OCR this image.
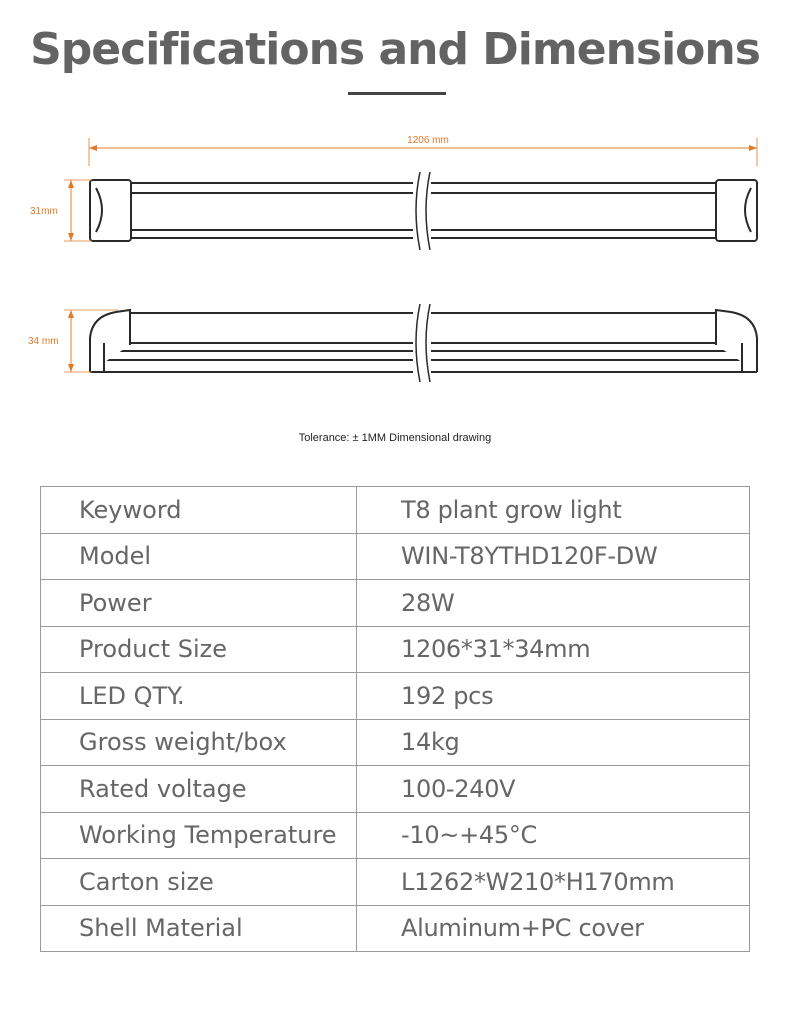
Specifications and Dimensions
1206 mm
31mm
34 mm
Tolerance: ± 1MM Dimensional drawing
Keyword	T8 plant grow light
Model	WIN-T8YTHD120F-DW
Power	28W
Product Size	1206*31*34mm
LED QTY.	192 pcs
Gross weight/box	14kg
Rated voltage	100-240V
Working Temperature	-10~+45°C
Carton size	L1262*W210*H170mm
Shell Material	Aluminum+PC cover
